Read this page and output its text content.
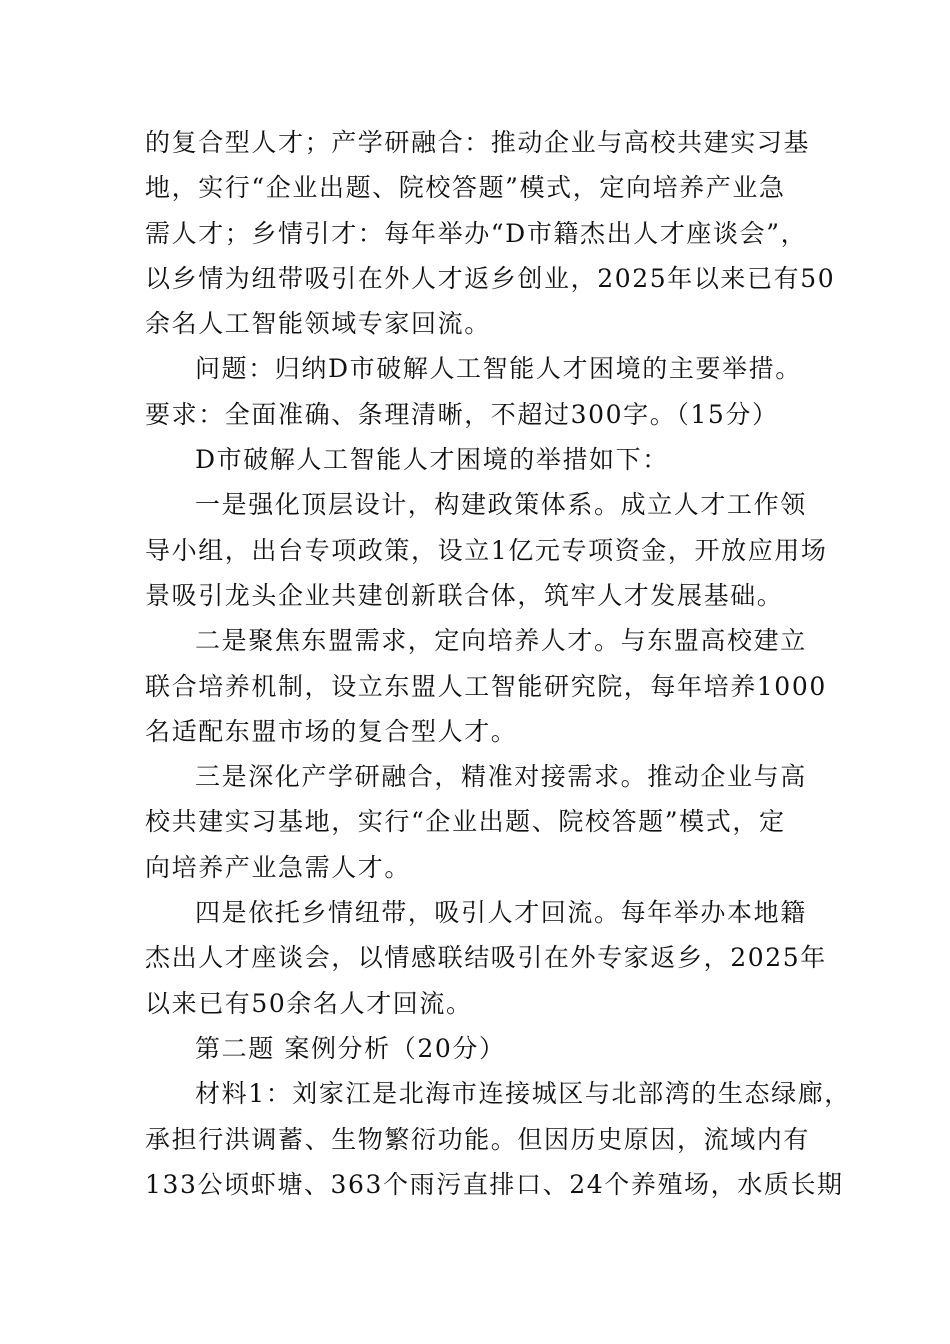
的复合型人才；产学研融合：推动企业与高校共建实习基
地，实行“企业出题、院校答题”模式，定向培养产业急
需人才；乡情引才：每年举办“D市籍杰出人才座谈会”，
以乡情为纽带吸引在外人才返乡创业，2025年以来已有50
余名人工智能领域专家回流。
问题：归纳D市破解人工智能人才困境的主要举措。
要求：全面准确、条理清晰，不超过300字。（15分）
D市破解人工智能人才困境的举措如下：
一是强化顶层设计，构建政策体系。成立人才工作领
导小组，出台专项政策，设立1亿元专项资金，开放应用场
景吸引龙头企业共建创新联合体，筑牢人才发展基础。
二是聚焦东盟需求，定向培养人才。与东盟高校建立
联合培养机制，设立东盟人工智能研究院，每年培养1000
名适配东盟市场的复合型人才。
三是深化产学研融合，精准对接需求。推动企业与高
校共建实习基地，实行“企业出题、院校答题”模式，定
向培养产业急需人才。
四是依托乡情纽带，吸引人才回流。每年举办本地籍
杰出人才座谈会，以情感联结吸引在外专家返乡，2025年
以来已有50余名人才回流。
第二题 案例分析（20分）
材料1：刘家江是北海市连接城区与北部湾的生态绿廊，
承担行洪调蓄、生物繁衍功能。但因历史原因，流域内有
133公顷虾塘、363个雨污直排口、24个养殖场，水质长期
